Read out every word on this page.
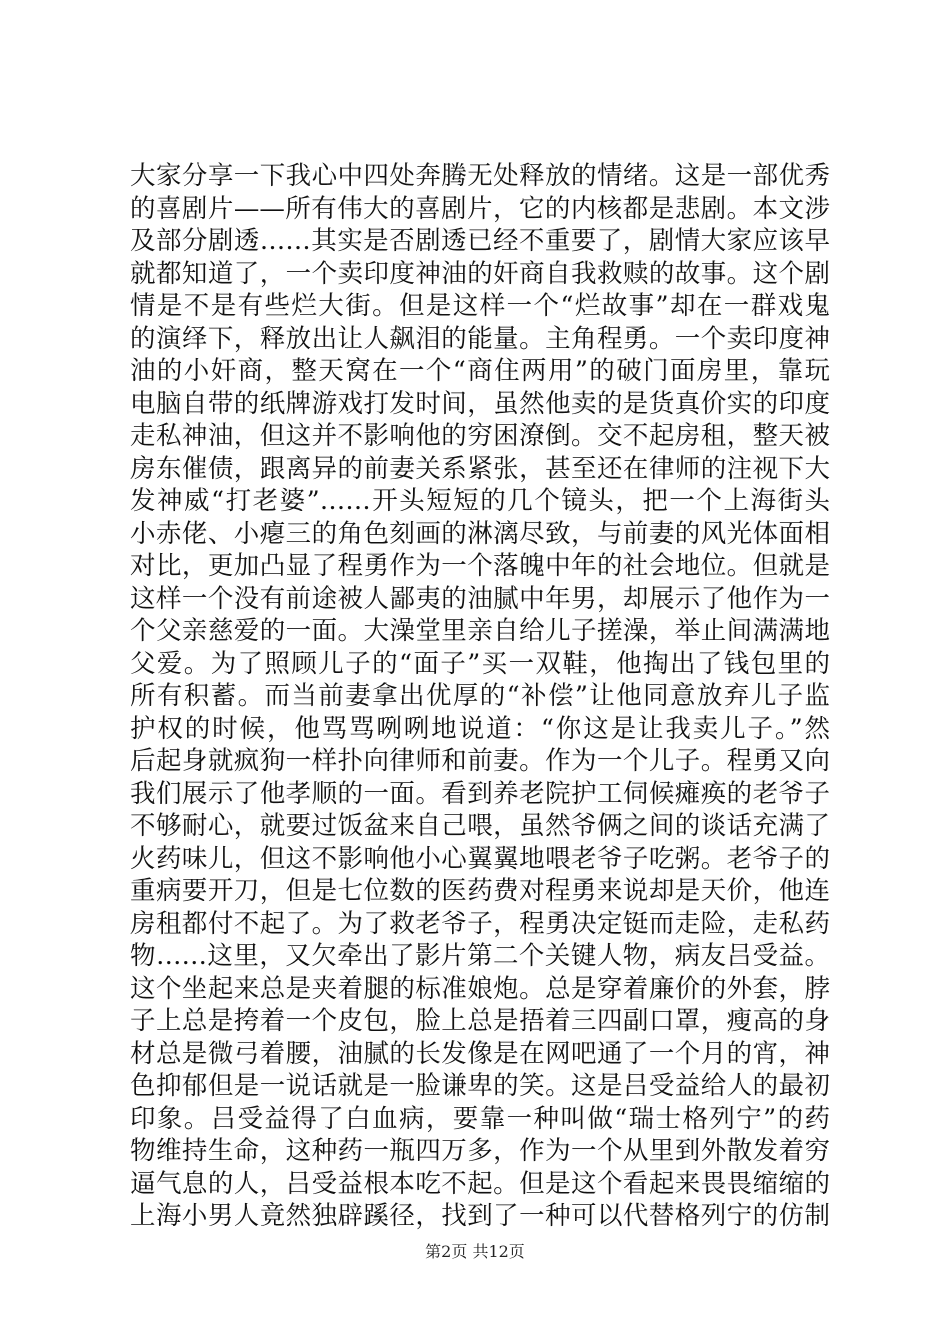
大家分享一下我心中四处奔腾无处释放的情绪。这是一部优秀
的喜剧片——所有伟大的喜剧片，它的内核都是悲剧。本文涉
及部分剧透……其实是否剧透已经不重要了，剧情大家应该早
就都知道了，一个卖印度神油的奸商自我救赎的故事。这个剧
情是不是有些烂大街。但是这样一个“烂故事”却在一群戏鬼
的演绎下，释放出让人飙泪的能量。主角程勇。一个卖印度神
油的小奸商，整天窝在一个“商住两用”的破门面房里，靠玩
电脑自带的纸牌游戏打发时间，虽然他卖的是货真价实的印度
走私神油，但这并不影响他的穷困潦倒。交不起房租，整天被
房东催债，跟离异的前妻关系紧张，甚至还在律师的注视下大
发神威“打老婆”……开头短短的几个镜头，把一个上海街头
小赤佬、小瘪三的角色刻画的淋漓尽致，与前妻的风光体面相
对比，更加凸显了程勇作为一个落魄中年的社会地位。但就是
这样一个没有前途被人鄙夷的油腻中年男，却展示了他作为一
个父亲慈爱的一面。大澡堂里亲自给儿子搓澡，举止间满满地
父爱。为了照顾儿子的“面子”买一双鞋，他掏出了钱包里的
所有积蓄。而当前妻拿出优厚的“补偿”让他同意放弃儿子监
护权的时候，他骂骂咧咧地说道：“你这是让我卖儿子。”然
后起身就疯狗一样扑向律师和前妻。作为一个儿子。程勇又向
我们展示了他孝顺的一面。看到养老院护工伺候瘫痪的老爷子
不够耐心，就要过饭盆来自己喂，虽然爷俩之间的谈话充满了
火药味儿，但这不影响他小心翼翼地喂老爷子吃粥。老爷子的
重病要开刀，但是七位数的医药费对程勇来说却是天价，他连
房租都付不起了。为了救老爷子，程勇决定铤而走险，走私药
物……这里，又欠牵出了影片第二个关键人物，病友吕受益。
这个坐起来总是夹着腿的标准娘炮。总是穿着廉价的外套，脖
子上总是挎着一个皮包，脸上总是捂着三四副口罩，瘦高的身
材总是微弓着腰，油腻的长发像是在网吧通了一个月的宵，神
色抑郁但是一说话就是一脸谦卑的笑。这是吕受益给人的最初
印象。吕受益得了白血病，要靠一种叫做“瑞士格列宁”的药
物维持生命，这种药一瓶四万多，作为一个从里到外散发着穷
逼气息的人，吕受益根本吃不起。但是这个看起来畏畏缩缩的
上海小男人竟然独辟蹊径，找到了一种可以代替格列宁的仿制
第2页 共12页
